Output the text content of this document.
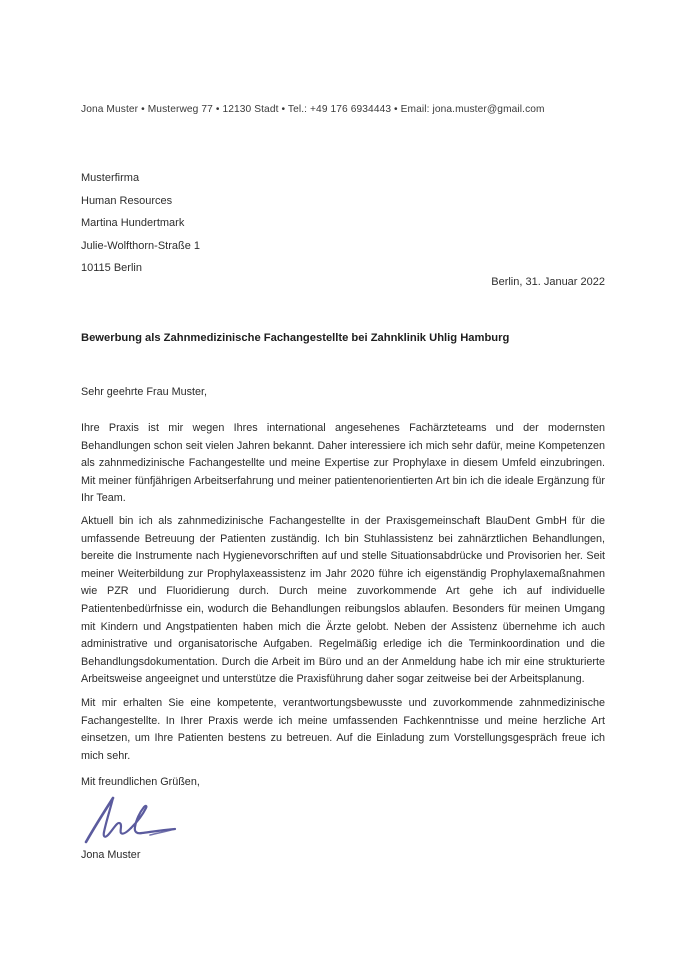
Jona Muster • Musterweg 77 • 12130 Stadt • Tel.: +49 176 6934443 • Email: jona.muster@gmail.com
Musterfirma
Human Resources
Martina Hundertmark
Julie-Wolfthorn-Straße 1
10115 Berlin
Berlin, 31. Januar 2022
Bewerbung als Zahnmedizinische Fachangestellte bei Zahnklinik Uhlig Hamburg
Sehr geehrte Frau Muster,
Ihre Praxis ist mir wegen Ihres international angesehenes Fachärzteteams und der modernsten Behandlungen schon seit vielen Jahren bekannt. Daher interessiere ich mich sehr dafür, meine Kompetenzen als zahnmedizinische Fachangestellte und meine Expertise zur Prophylaxe in diesem Umfeld einzubringen. Mit meiner fünfjährigen Arbeitserfahrung und meiner patientenorientierten Art bin ich die ideale Ergänzung für Ihr Team.
Aktuell bin ich als zahnmedizinische Fachangestellte in der Praxisgemeinschaft BlauDent GmbH für die umfassende Betreuung der Patienten zuständig. Ich bin Stuhlassistenz bei zahnärztlichen Behandlungen, bereite die Instrumente nach Hygienevorschriften auf und stelle Situationsabdrücke und Provisorien her. Seit meiner Weiterbildung zur Prophylaxeassistenz im Jahr 2020 führe ich eigenständig Prophylaxemaßnahmen wie PZR und Fluoridierung durch. Durch meine zuvorkommende Art gehe ich auf individuelle Patientenbedürfnisse ein, wodurch die Behandlungen reibungslos ablaufen. Besonders für meinen Umgang mit Kindern und Angstpatienten haben mich die Ärzte gelobt. Neben der Assistenz übernehme ich auch administrative und organisatorische Aufgaben. Regelmäßig erledige ich die Terminkoordination und die Behandlungsdokumentation. Durch die Arbeit im Büro und an der Anmeldung habe ich mir eine strukturierte Arbeitsweise angeeignet und unterstütze die Praxisführung daher sogar zeitweise bei der Arbeitsplanung.
Mit mir erhalten Sie eine kompetente, verantwortungsbewusste und zuvorkommende zahnmedizinische Fachangestellte. In Ihrer Praxis werde ich meine umfassenden Fachkenntnisse und meine herzliche Art einsetzen, um Ihre Patienten bestens zu betreuen. Auf die Einladung zum Vorstellungsgespräch freue ich mich sehr.
Mit freundlichen Grüßen,
Jona Muster
